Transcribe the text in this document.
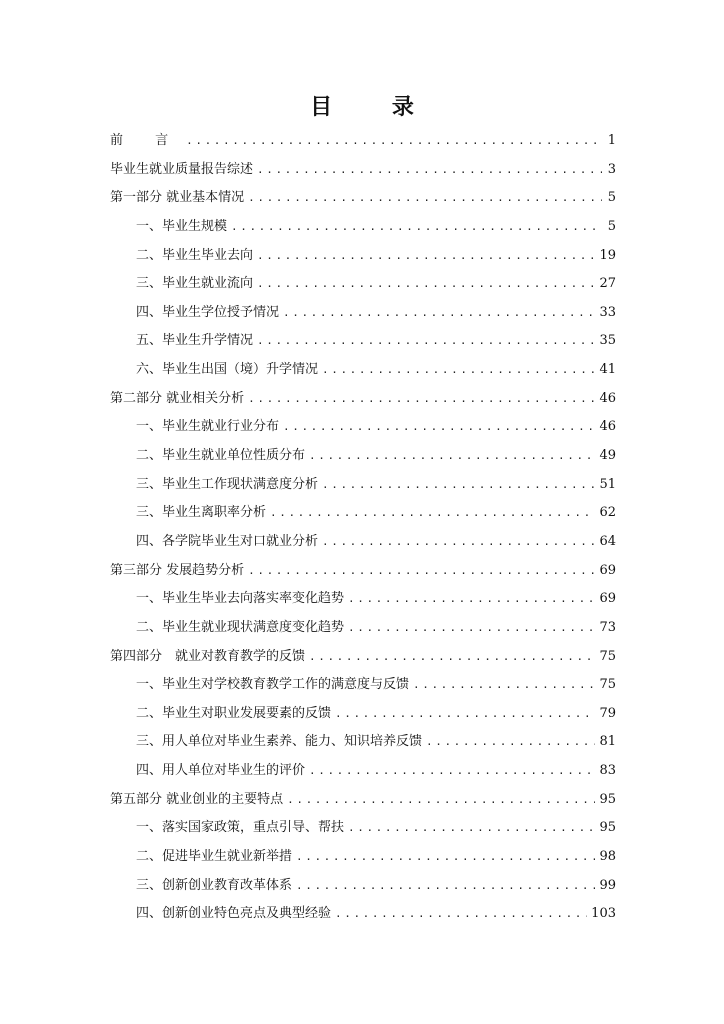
目 录
前 言 .....	1
毕业生就业质量报告综述 .....	3
第一部分 就业基本情况 .....	5
一、毕业生规模 .....	5
二、毕业生毕业去向 .....	19
三、毕业生就业流向 .....	27
四、毕业生学位授予情况 .....	33
五、毕业生升学情况 .....	35
六、毕业生出国（境）升学情况 .....	41
第二部分 就业相关分析 .....	46
一、毕业生就业行业分布 .....	46
二、毕业生就业单位性质分布 .....	49
三、毕业生工作现状满意度分析 .....	51
三、毕业生离职率分析 .....	62
四、各学院毕业生对口就业分析 .....	64
第三部分 发展趋势分析 .....	69
一、毕业生毕业去向落实率变化趋势 .....	69
二、毕业生就业现状满意度变化趋势 .....	73
第四部分　就业对教育教学的反馈 .....	75
一、毕业生对学校教育教学工作的满意度与反馈 .....	75
二、毕业生对职业发展要素的反馈 .....	79
三、用人单位对毕业生素养、能力、知识培养反馈 .....	81
四、用人单位对毕业生的评价 .....	83
第五部分 就业创业的主要特点 .....	95
一、落实国家政策，重点引导、帮扶 .....	95
二、促进毕业生就业新举措 .....	98
三、创新创业教育改革体系 .....	99
四、创新创业特色亮点及典型经验 .....	103
